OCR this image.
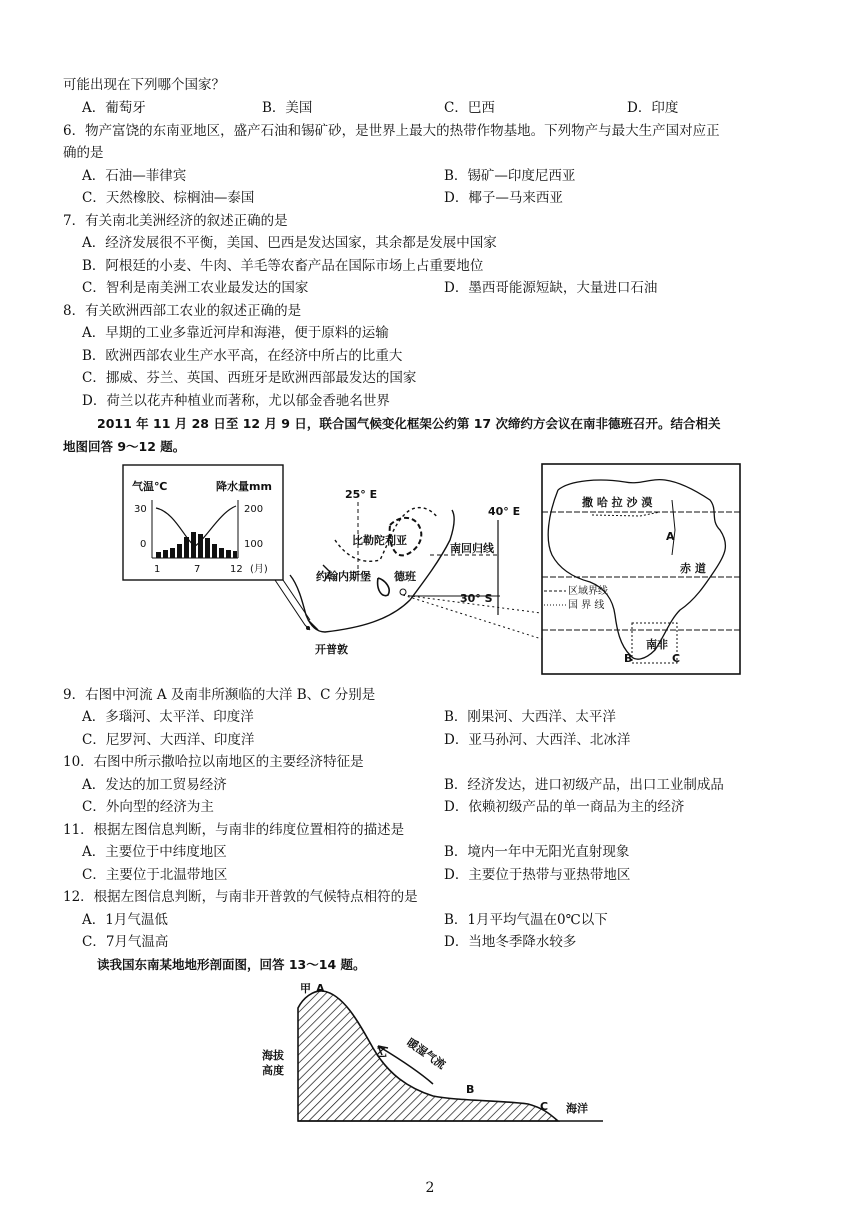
可能出现在下列哪个国家？
A．葡萄牙	B．美国	C．巴西	D．印度
6．物产富饶的东南亚地区，盛产石油和锡矿砂，是世界上最大的热带作物基地。下列物产与最大生产国对应正
确的是
A．石油—菲律宾	B．锡矿—印度尼西亚
C．天然橡胶、棕榈油—泰国	D．椰子—马来西亚
7．有关南北美洲经济的叙述正确的是
A．经济发展很不平衡，美国、巴西是发达国家，其余都是发展中国家
B．阿根廷的小麦、牛肉、羊毛等农畜产品在国际市场上占重要地位
C．智利是南美洲工农业最发达的国家	D．墨西哥能源短缺，大量进口石油
8．有关欧洲西部工农业的叙述正确的是
A．早期的工业多靠近河岸和海港，便于原料的运输
B．欧洲西部农业生产水平高，在经济中所占的比重大
C．挪威、芬兰、英国、西班牙是欧洲西部最发达的国家
D．荷兰以花卉种植业而著称，尤以郁金香驰名世界
2011 年 11 月 28 日至 12 月 9 日，联合国气候变化框架公约第 17 次缔约方会议在南非德班召开。结合相关
地图回答 9～12 题。
气温℃	降水量mm
30
0
200
100
1	7	12 (月)
25° E
40° E
比勒陀利亚
南回归线
约翰内斯堡 德班
30° S
开普敦
撒 哈 拉 沙 漠
A
赤 道
区域界线
国 界 线
南非
B	C
9．右图中河流 A 及南非所濒临的大洋 B、C 分别是
A．多瑙河、太平洋、印度洋	B．刚果河、大西洋、太平洋
C．尼罗河、大西洋、印度洋	D．亚马孙河、大西洋、北冰洋
10．右图中所示撒哈拉以南地区的主要经济特征是
A．发达的加工贸易经济	B．经济发达，进口初级产品，出口工业制成品
C．外向型的经济为主	D．依赖初级产品的单一商品为主的经济
11．根据左图信息判断，与南非的纬度位置相符的描述是
A．主要位于中纬度地区	B．境内一年中无阳光直射现象
C．主要位于北温带地区	D．主要位于热带与亚热带地区
12．根据左图信息判断，与南非开普敦的气候特点相符的是
A．1月气温低	B．1月平均气温在0℃以下
C．7月气温高	D．当地冬季降水较多
读我国东南某地地形剖面图，回答 13～14 题。
甲 A
乙
B
C
海拔
高度
海洋
暖湿气流
2
